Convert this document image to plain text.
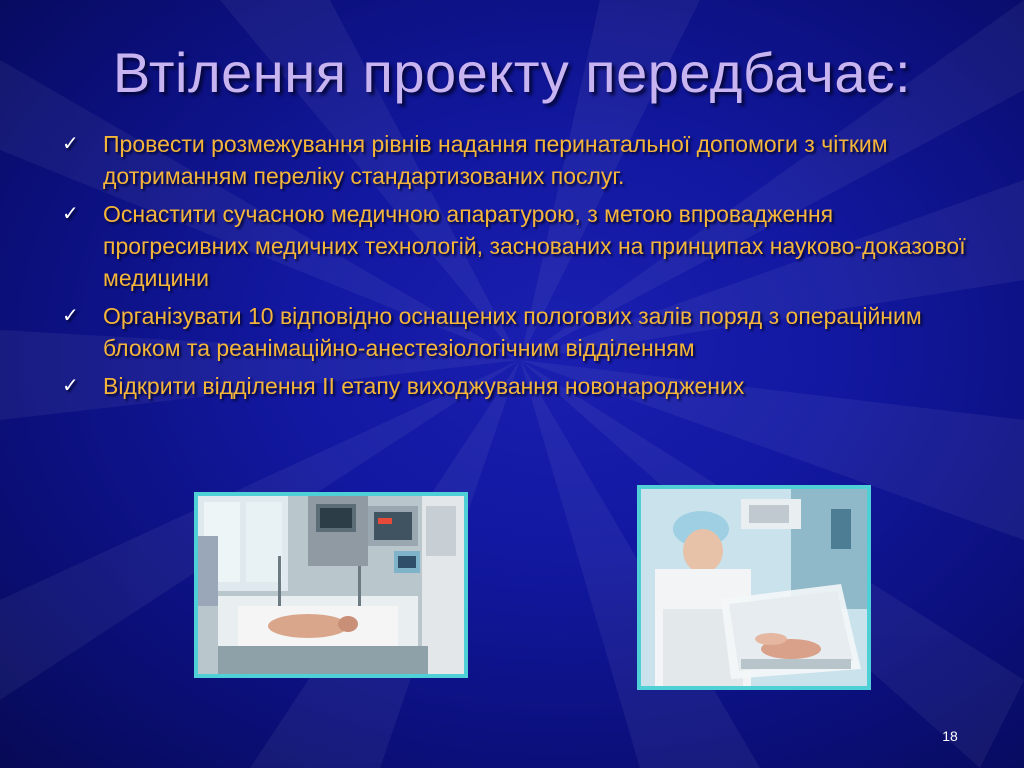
Втілення проекту передбачає:
✓ Провести розмежування рівнів надання перинатальної допомоги з чітким дотриманням переліку стандартизованих послуг.
✓ Оснастити сучасною медичною апаратурою, з метою впровадження прогресивних медичних технологій, заснованих на принципах науково-доказової медицини
✓ Організувати 10 відповідно оснащених пологових залів поряд з операційним блоком та реанімаційно-анестезіологічним відділенням
✓ Відкрити відділення ІІ етапу виходжування новонароджених
18
